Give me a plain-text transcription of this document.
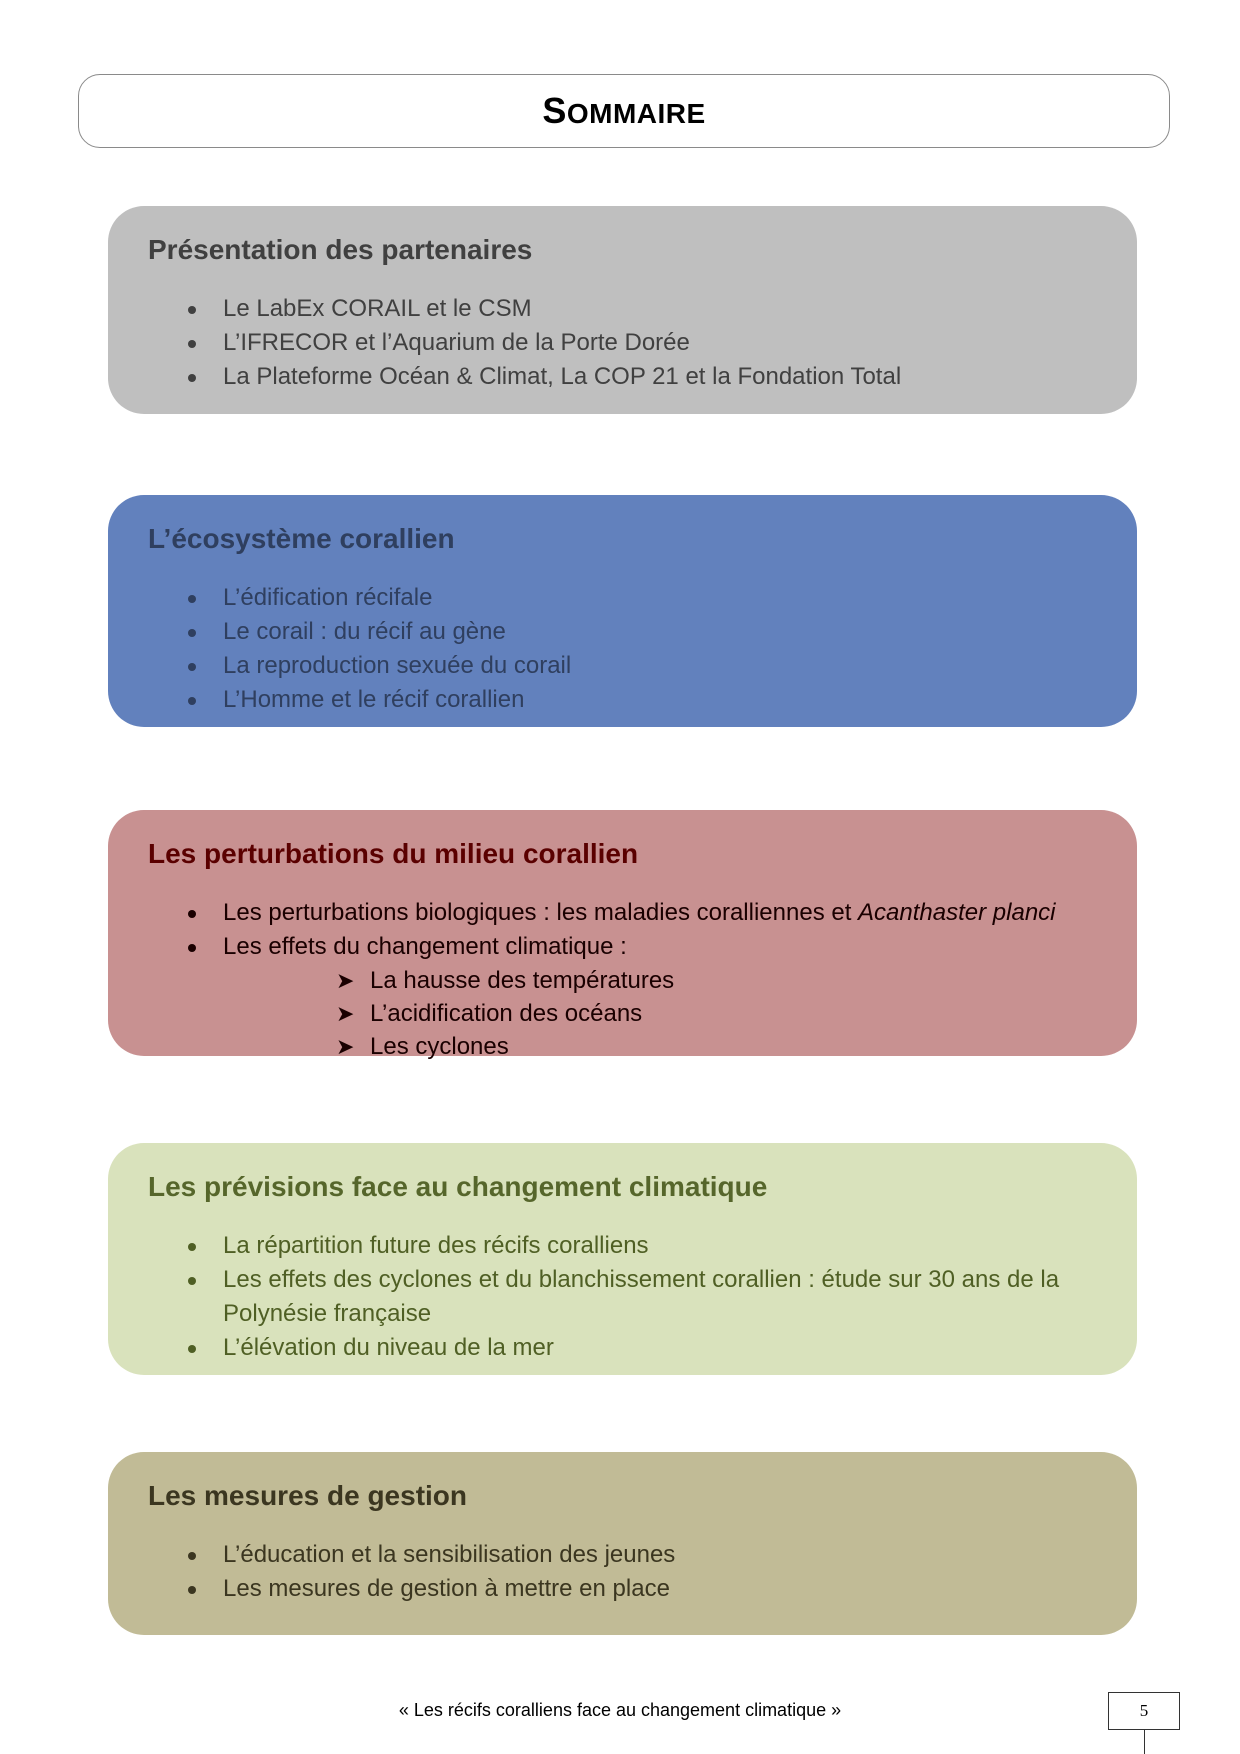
SOMMAIRE
Présentation des partenaires
Le LabEx CORAIL et le CSM
L’IFRECOR et l’Aquarium de la Porte Dorée
La Plateforme Océan & Climat, La COP 21 et la Fondation Total
L’écosystème corallien
L’édification récifale
Le corail : du récif au gène
La reproduction sexuée du corail
L’Homme et le récif corallien
Les perturbations du milieu corallien
Les perturbations biologiques : les maladies coralliennes et Acanthaster planci
Les effets du changement climatique :
➤ La hausse des températures
➤ L’acidification des océans
➤ Les cyclones
Les prévisions face au changement climatique
La répartition future des récifs coralliens
Les effets des cyclones et du blanchissement corallien : étude sur 30 ans de la Polynésie française
L’élévation du niveau de la mer
Les mesures de gestion
L’éducation et la sensibilisation des jeunes
Les mesures de gestion à mettre en place
« Les récifs coralliens face au changement climatique »	5
